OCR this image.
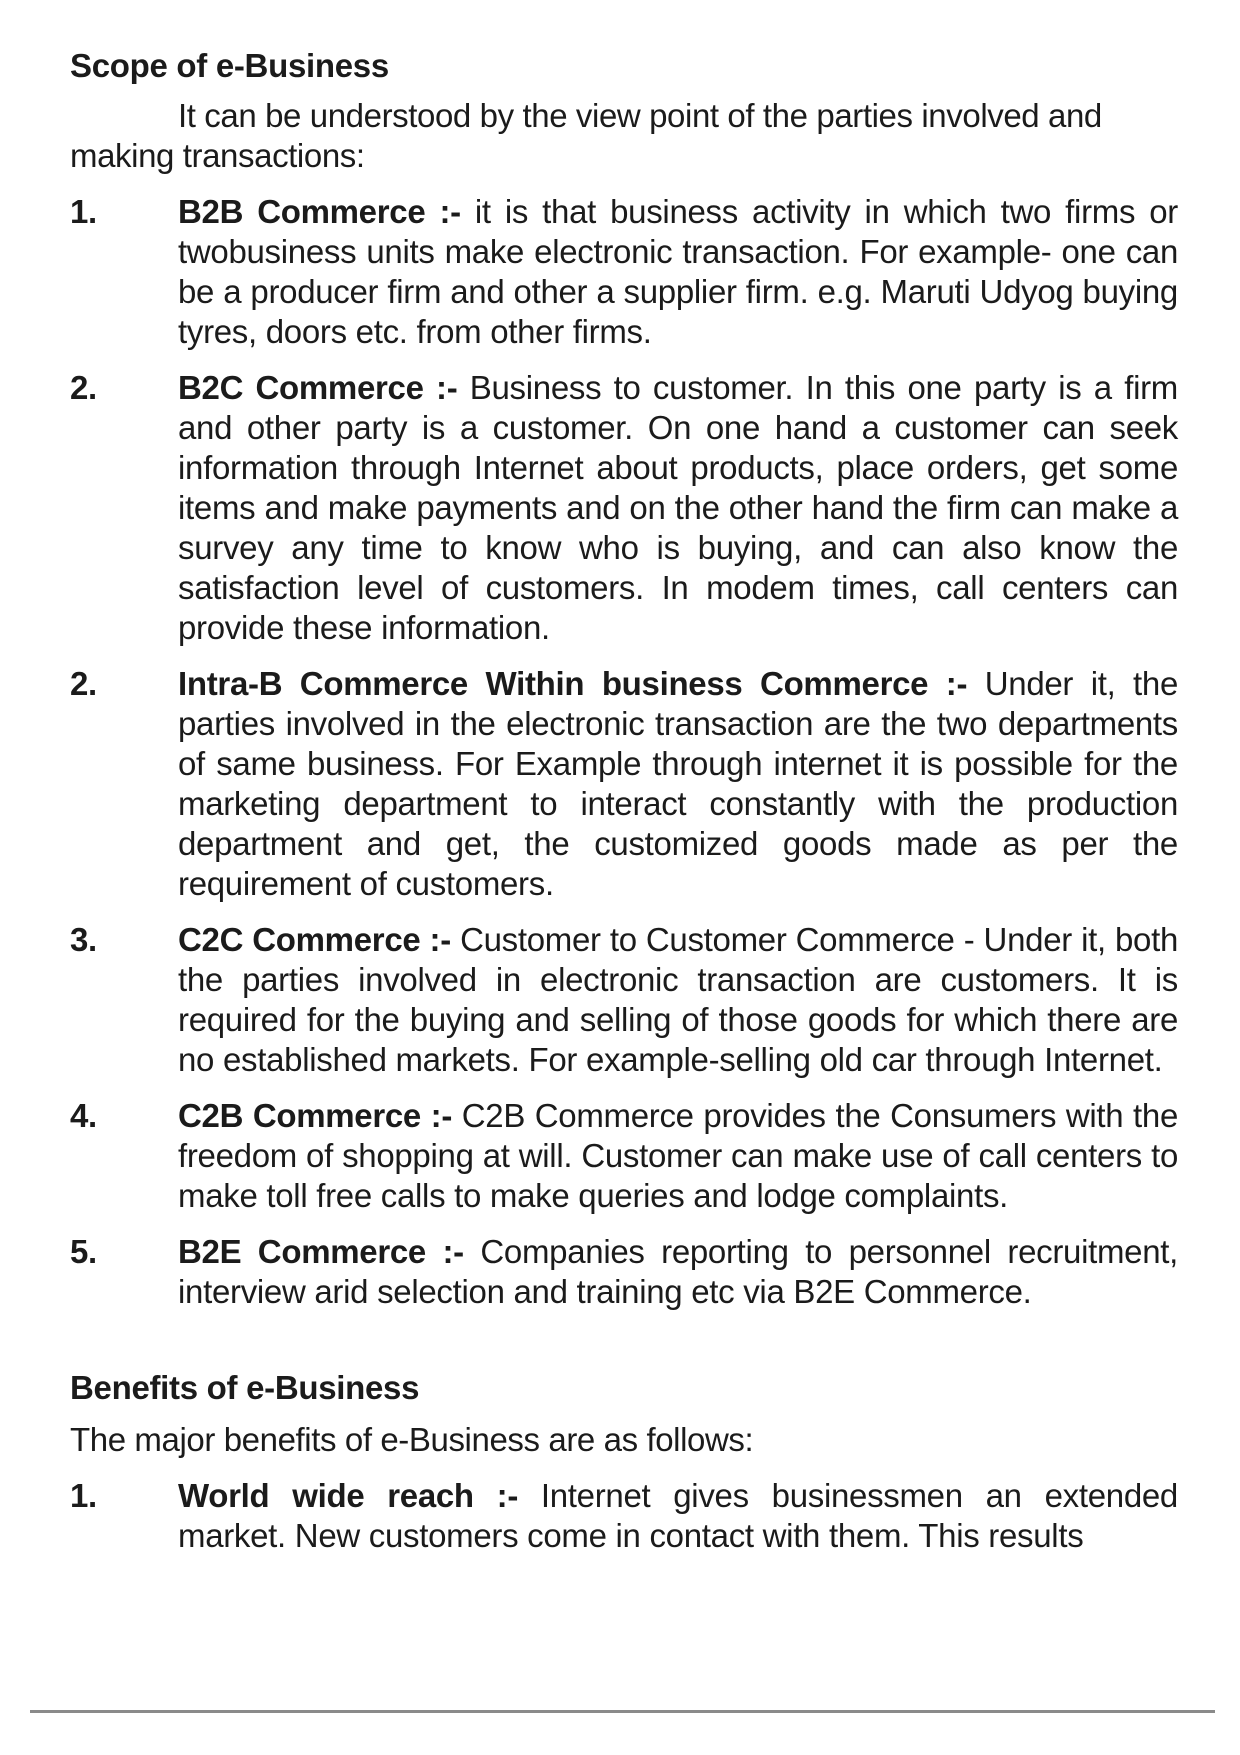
Scope of e-Business

It can be understood by the view point of the parties involved and making transactions:

1. B2B Commerce :- it is that business activity in which two firms or twobusiness units make electronic transaction. For example- one can be a producer firm and other a supplier firm. e.g. Maruti Udyog buying tyres, doors etc. from other firms.
2. B2C Commerce :- Business to customer. In this one party is a firm and other party is a customer. On one hand a customer can seek information through Internet about products, place orders, get some items and make payments and on the other hand the firm can make a survey any time to know who is buying, and can also know the satisfaction level of customers. In modem times, call centers can provide these information.
2. Intra-B Commerce Within business Commerce :- Under it, the parties involved in the electronic transaction are the two departments of same business. For Example through internet it is possible for the marketing department to interact constantly with the production department and get, the customized goods made as per the requirement of customers.
3. C2C Commerce :- Customer to Customer Commerce - Under it, both the parties involved in electronic transaction are customers. It is required for the buying and selling of those goods for which there are no established markets. For example-selling old car through Internet.
4. C2B Commerce :- C2B Commerce provides the Consumers with the freedom of shopping at will. Customer can make use of call centers to make toll free calls to make queries and lodge complaints.
5. B2E Commerce :- Companies reporting to personnel recruitment, interview arid selection and training etc via B2E Commerce.
Benefits of e-Business

The major benefits of e-Business are as follows:

1. World wide reach :- Internet gives businessmen an extended market. New customers come in contact with them. This results
